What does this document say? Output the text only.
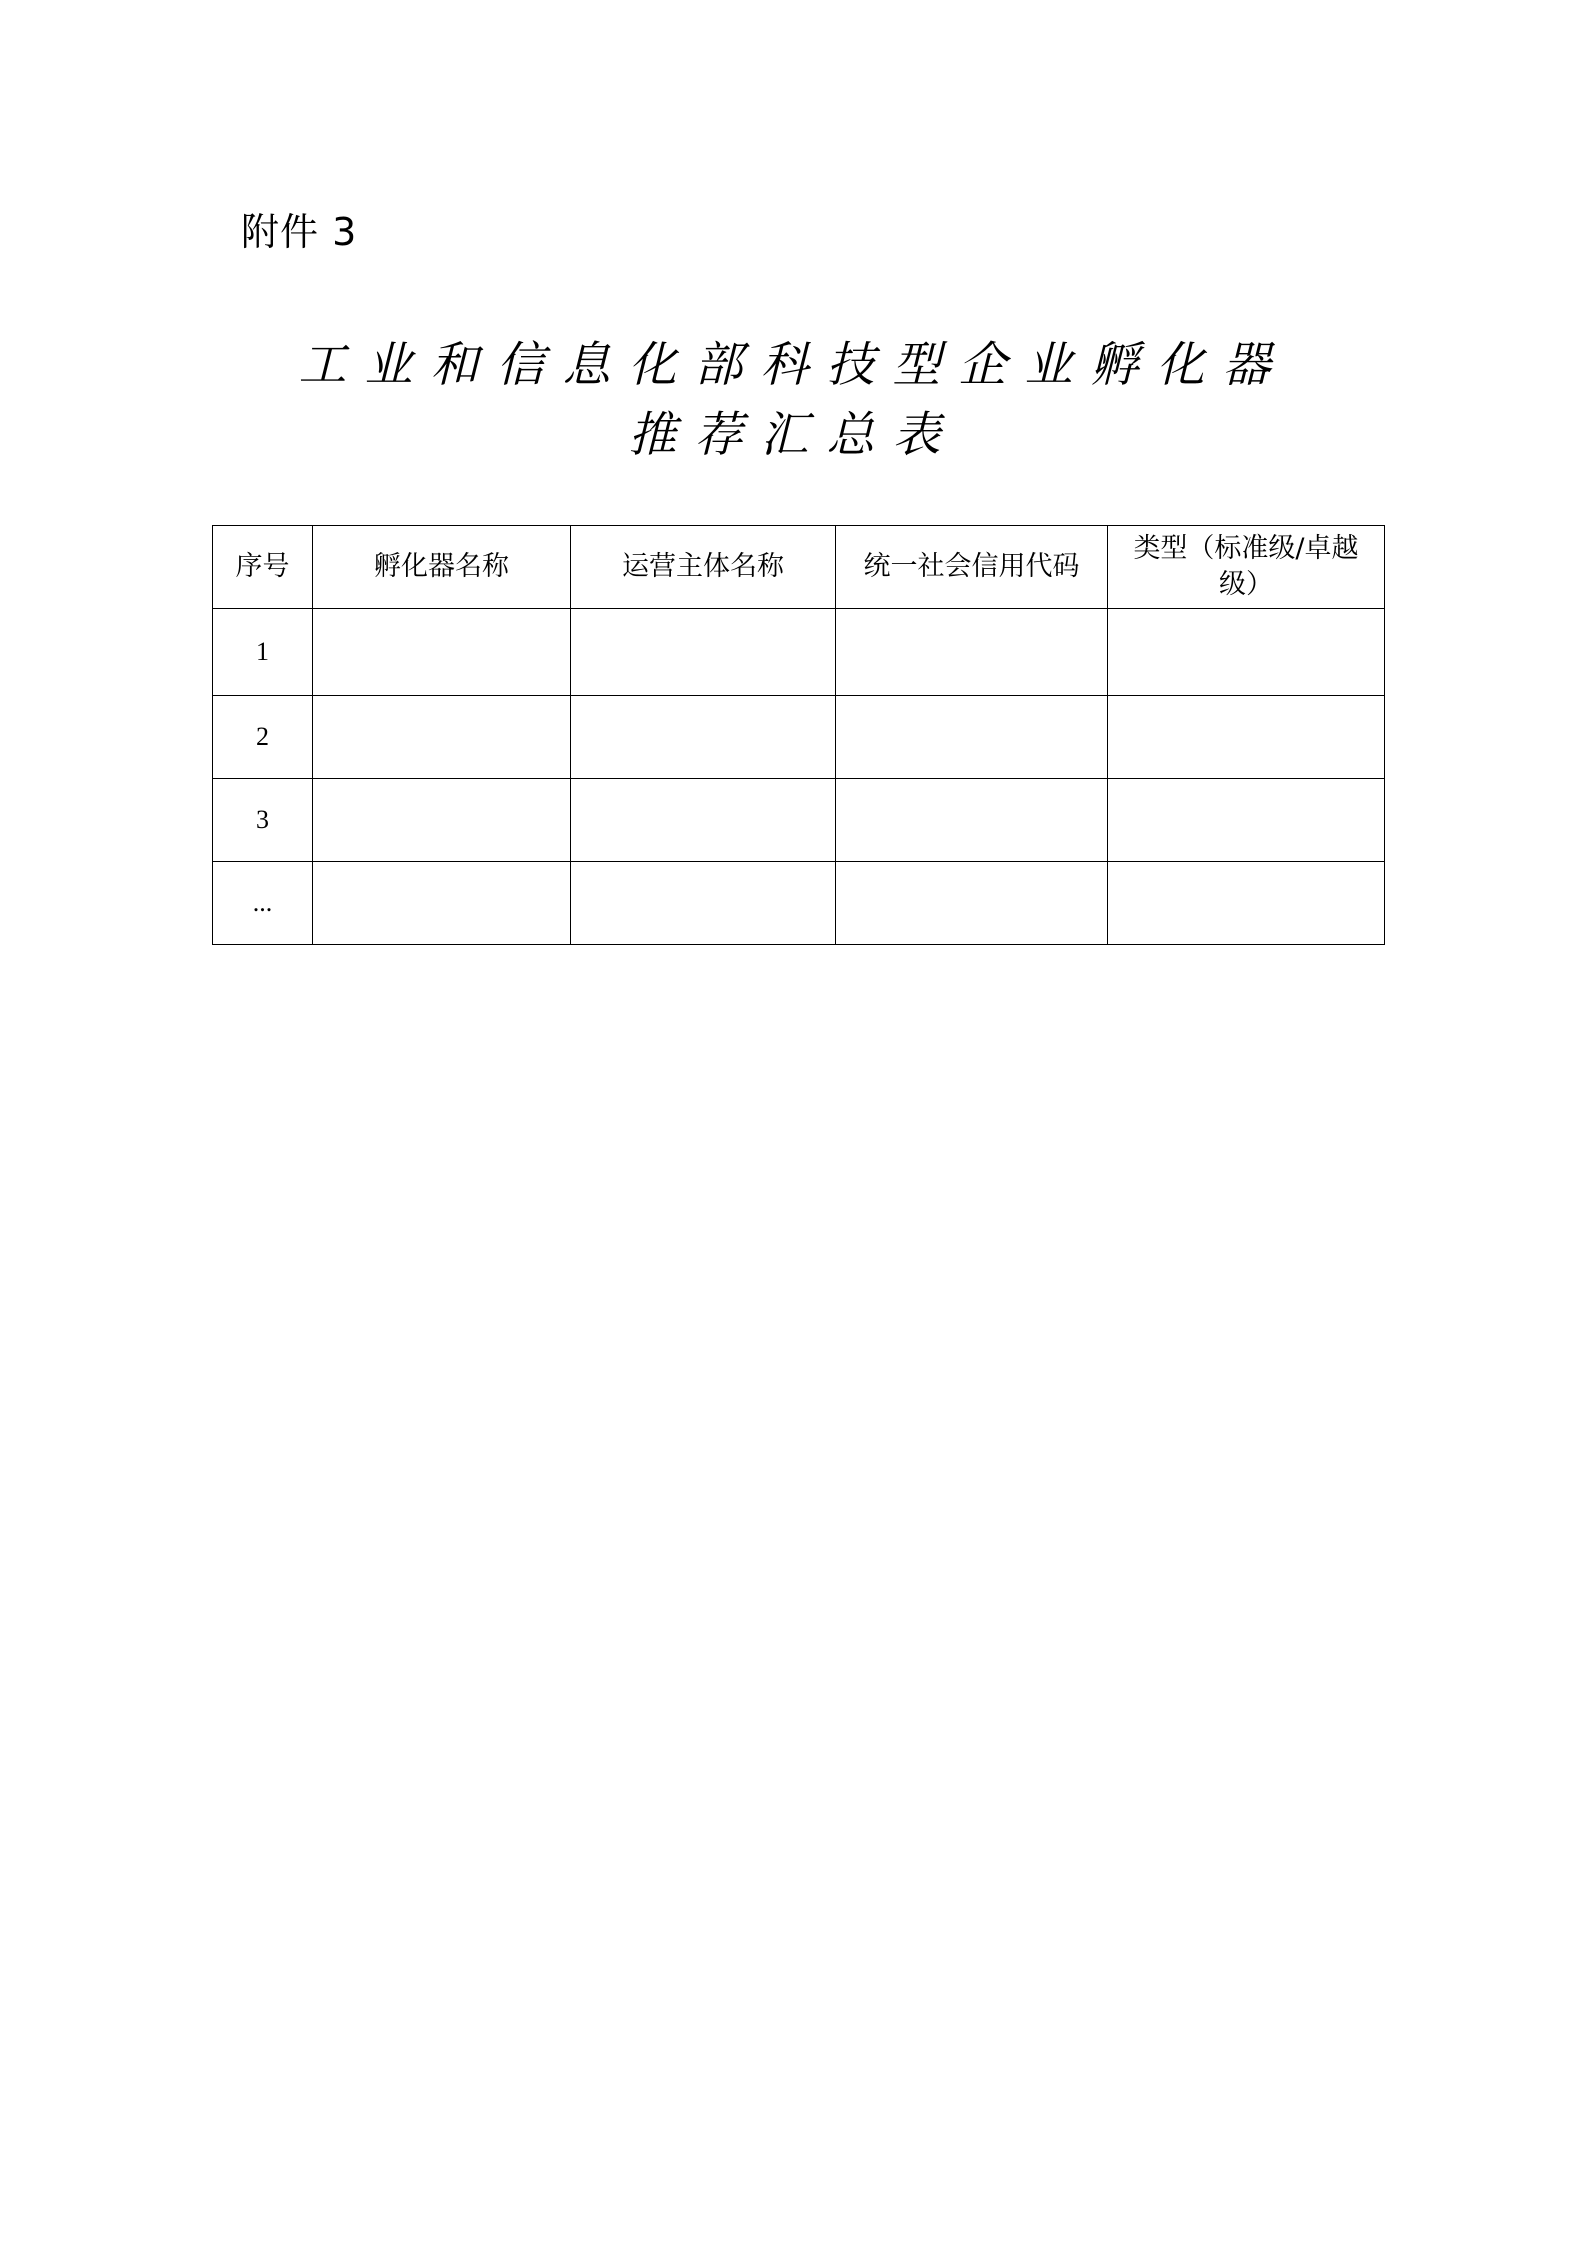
附件 3
工业和信息化部科技型企业孵化器
推荐汇总表
序号	孵化器名称	运营主体名称	统一社会信用代码	类型（标准级/卓越级）
1				
2				
3				
...				
